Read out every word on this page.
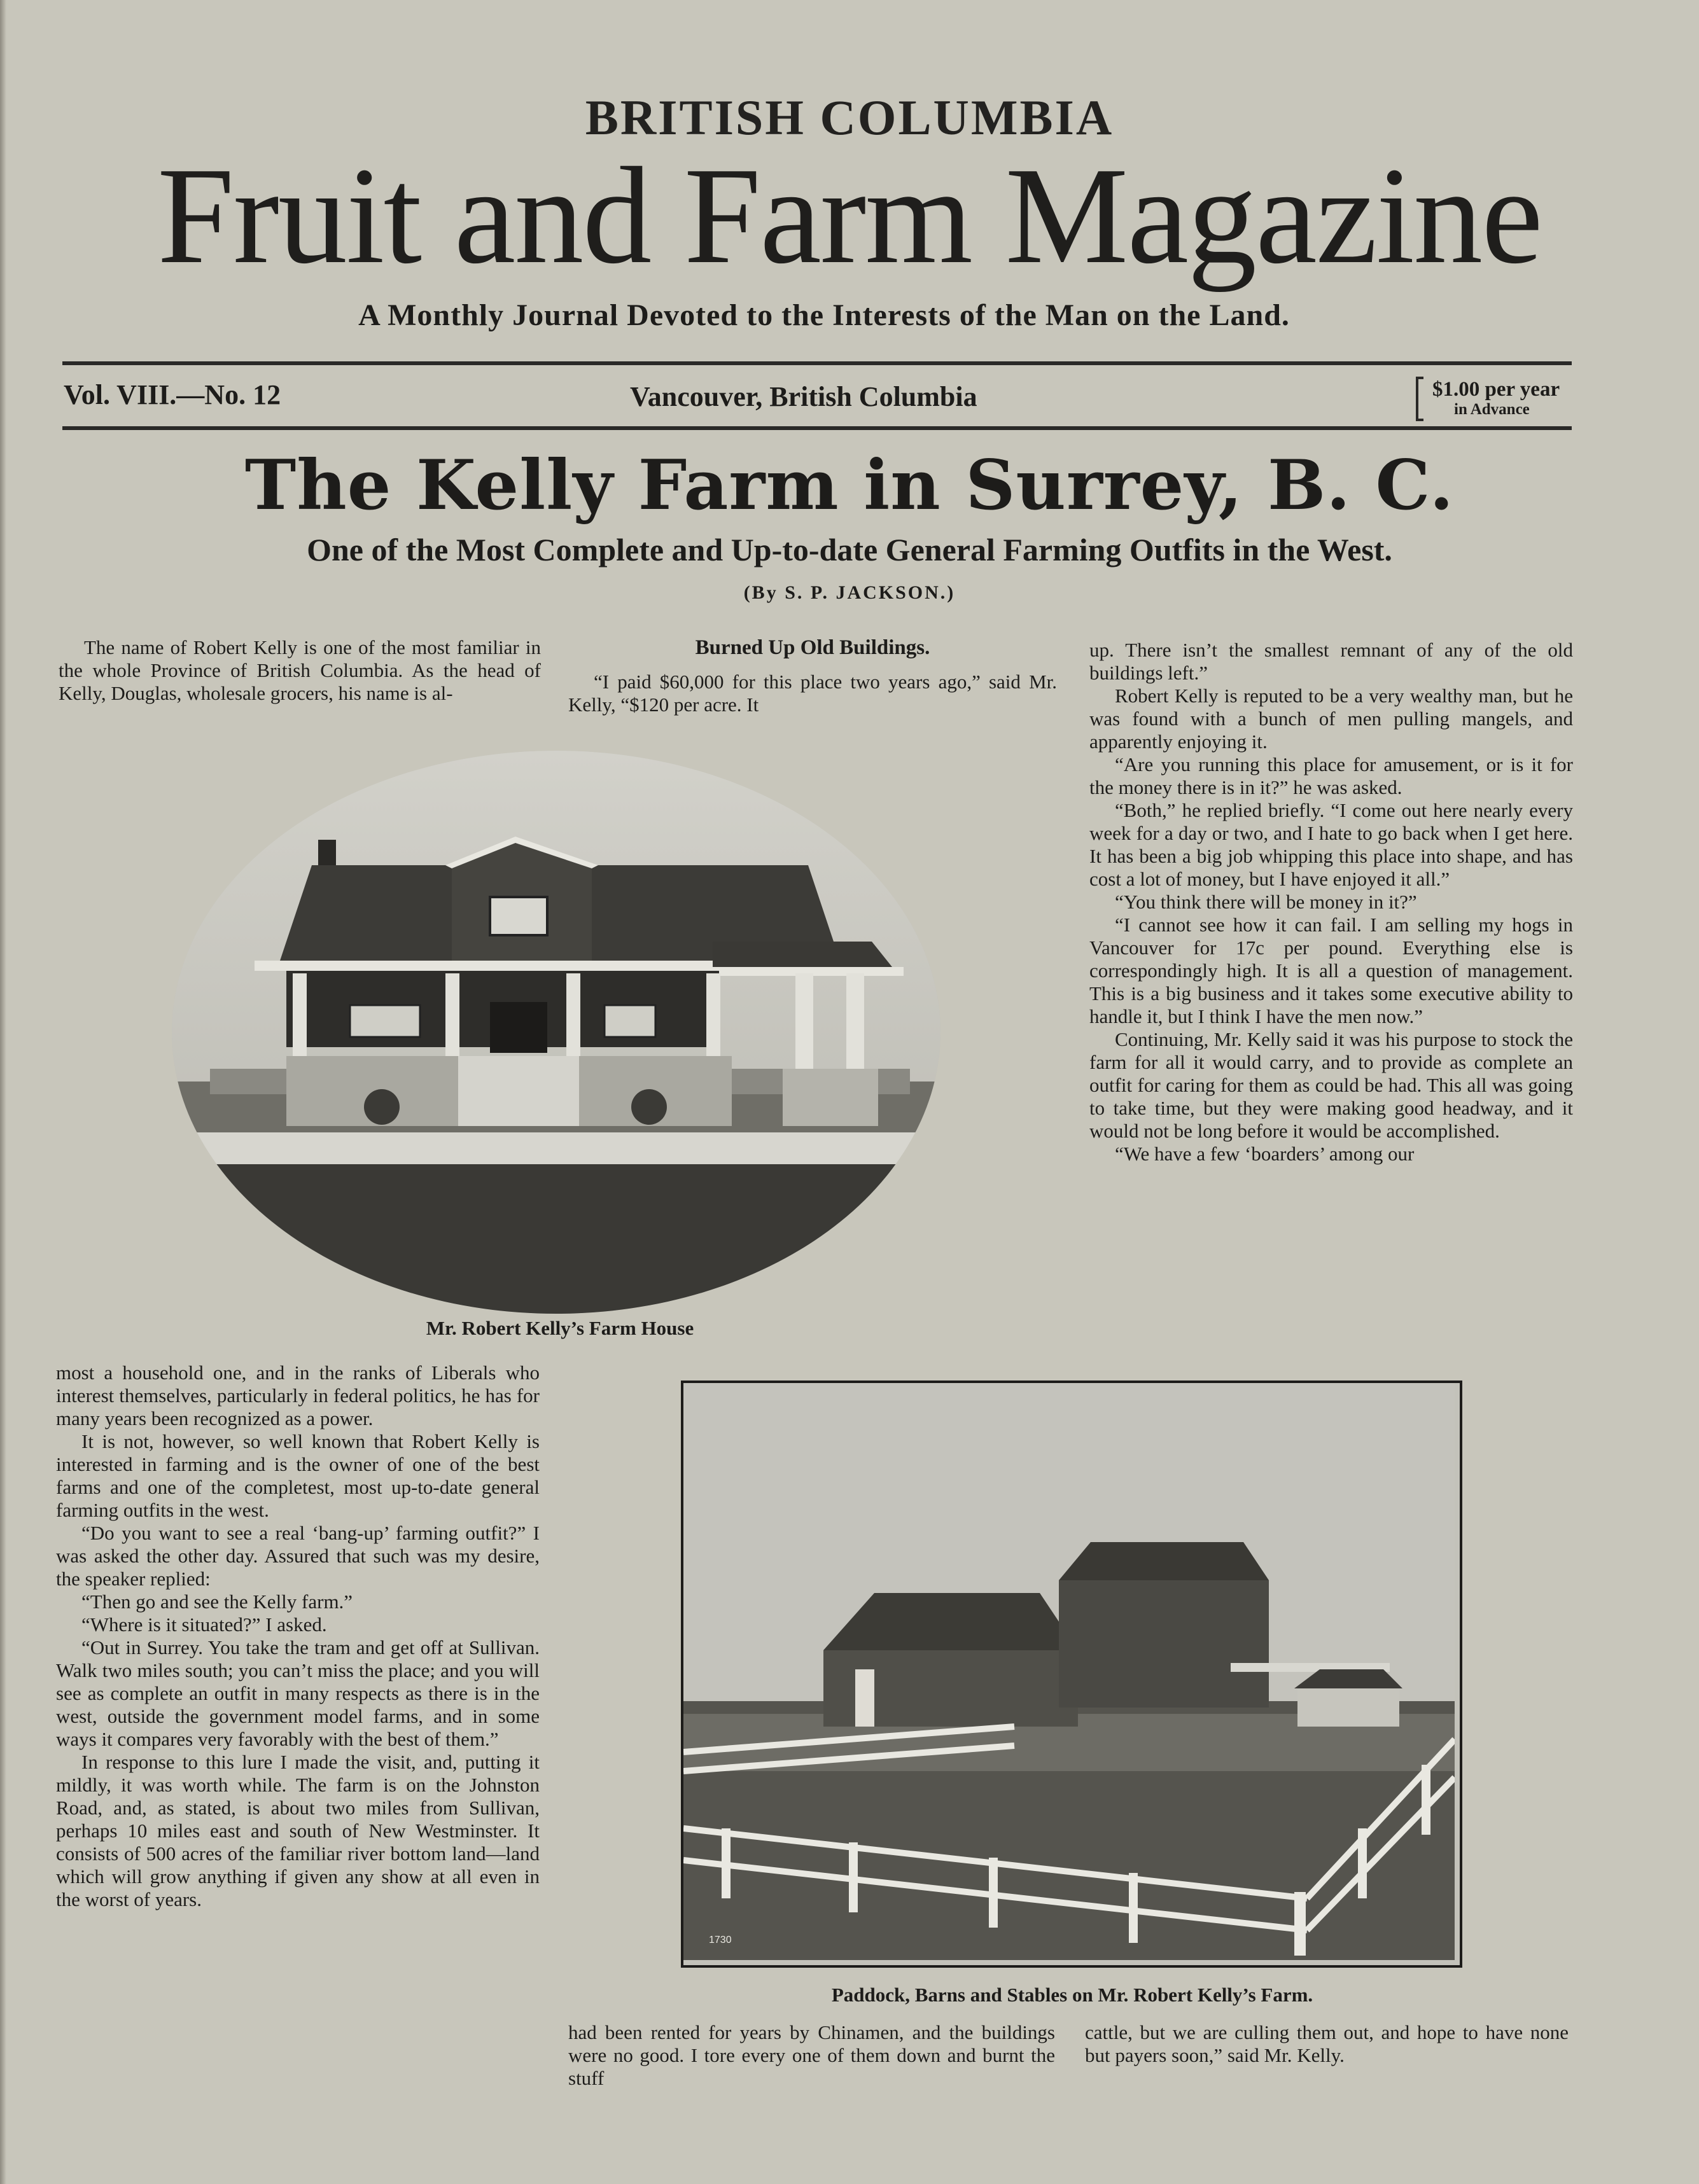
BRITISH COLUMBIA
Fruit and Farm Magazine
A Monthly Journal Devoted to the Interests of the Man on the Land.
Vol. VIII.—No. 12	Vancouver, British Columbia	$1.00 per year
in Advance
The Kelly Farm in Surrey, B. C.
One of the Most Complete and Up-to-date General Farming Outfits in the West.
(By S. P. JACKSON.)

The name of Robert Kelly is one of the most familiar in the whole Province of British Columbia. As the head of Kelly, Douglas, wholesale grocers, his name is al-

Burned Up Old Buildings.

“I paid $60,000 for this place two years ago,” said Mr. Kelly, “$120 per acre. It

up. There isn’t the smallest remnant of any of the old buildings left.”

Robert Kelly is reputed to be a very wealthy man, but he was found with a bunch of men pulling mangels, and apparently enjoying it.

“Are you running this place for amusement, or is it for the money there is in it?” he was asked.

“Both,” he replied briefly. “I come out here nearly every week for a day or two, and I hate to go back when I get here. It has been a big job whipping this place into shape, and has cost a lot of money, but I have enjoyed it all.”

“You think there will be money in it?”

“I cannot see how it can fail. I am selling my hogs in Vancouver for 17c per pound. Everything else is correspondingly high. It is all a question of management. This is a big business and it takes some executive ability to handle it, but I think I have the men now.”

Continuing, Mr. Kelly said it was his purpose to stock the farm for all it would carry, and to provide as complete an outfit for caring for them as could be had. This all was going to take time, but they were making good headway, and it would not be long before it would be accomplished.

“We have a few ‘boarders’ among our

Mr. Robert Kelly’s Farm House

most a household one, and in the ranks of Liberals who interest themselves, particularly in federal politics, he has for many years been recognized as a power.

It is not, however, so well known that Robert Kelly is interested in farming and is the owner of one of the best farms and one of the completest, most up-to-date general farming outfits in the west.

“Do you want to see a real ‘bang-up’ farming outfit?” I was asked the other day. Assured that such was my desire, the speaker replied:

“Then go and see the Kelly farm.”

“Where is it situated?” I asked.

“Out in Surrey. You take the tram and get off at Sullivan. Walk two miles south; you can’t miss the place; and you will see as complete an outfit in many respects as there is in the west, outside the government model farms, and in some ways it compares very favorably with the best of them.”

In response to this lure I made the visit, and, putting it mildly, it was worth while. The farm is on the Johnston Road, and, as stated, is about two miles from Sullivan, perhaps 10 miles east and south of New Westminster. It consists of 500 acres of the familiar river bottom land—land which will grow anything if given any show at all even in the worst of years.

1730
Paddock, Barns and Stables on Mr. Robert Kelly’s Farm.

had been rented for years by Chinamen, and the buildings were no good. I tore every one of them down and burnt the stuff

cattle, but we are culling them out, and hope to have none but payers soon,” said Mr. Kelly.
